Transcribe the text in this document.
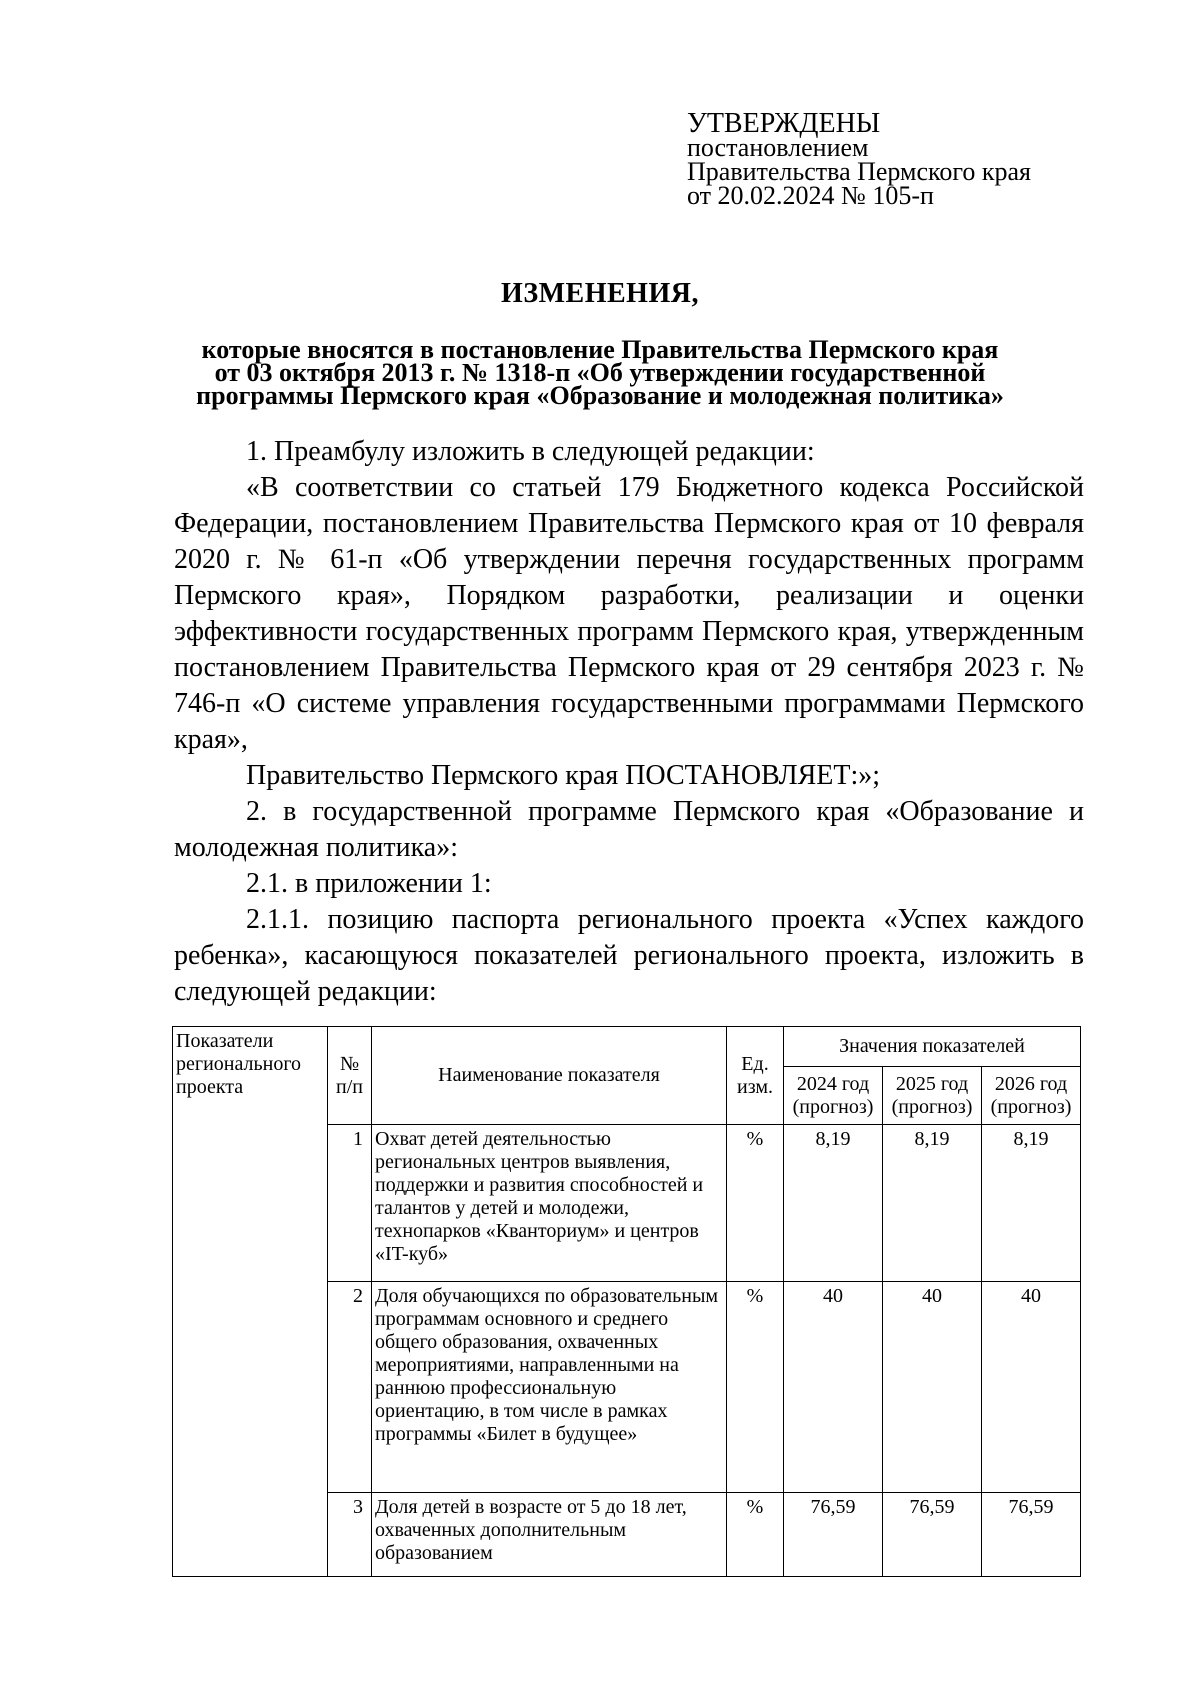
УТВЕРЖДЕНЫ
постановлением
Правительства Пермского края
от 20.02.2024 № 105-п
ИЗМЕНЕНИЯ,
которые вносятся в постановление Правительства Пермского края
от 03 октября 2013 г. № 1318-п «Об утверждении государственной
программы Пермского края «Образование и молодежная политика»

1. Преамбулу изложить в следующей редакции:

«В соответствии со статьей 179 Бюджетного кодекса Российской Федерации, постановлением Правительства Пермского края от 10 февраля 2020 г. № 61-п «Об утверждении перечня государственных программ Пермского края», Порядком разработки, реализации и оценки эффективности государственных программ Пермского края, утвержденным постановлением Правительства Пермского края от 29 сентября 2023 г. № 746-п «О системе управления государственными программами Пермского края»,

Правительство Пермского края ПОСТАНОВЛЯЕТ:»;

2. в государственной программе Пермского края «Образование и молодежная политика»:

2.1. в приложении 1:

2.1.1. позицию паспорта регионального проекта «Успех каждого ребенка», касающуюся показателей регионального проекта, изложить в следующей редакции:

Показатели регионального проекта	№ п/п	Наименование показателя	Ед. изм.	Значения показателей		
				2024 год (прогноз)	2025 год (прогноз)	2026 год (прогноз)
	1	Охват детей деятельностью региональных центров выявления, поддержки и развития способностей и талантов у детей и молодежи, технопарков «Кванториум» и центров «IT-куб»	%	8,19	8,19	8,19
	2	Доля обучающихся по образовательным программам основного и среднего общего образования, охваченных мероприятиями, направленными на раннюю профессиональную ориентацию, в том числе в рамках программы «Билет в будущее»	%	40	40	40
	3	Доля детей в возрасте от 5 до 18 лет, охваченных дополнительным образованием	%	76,59	76,59	76,59
